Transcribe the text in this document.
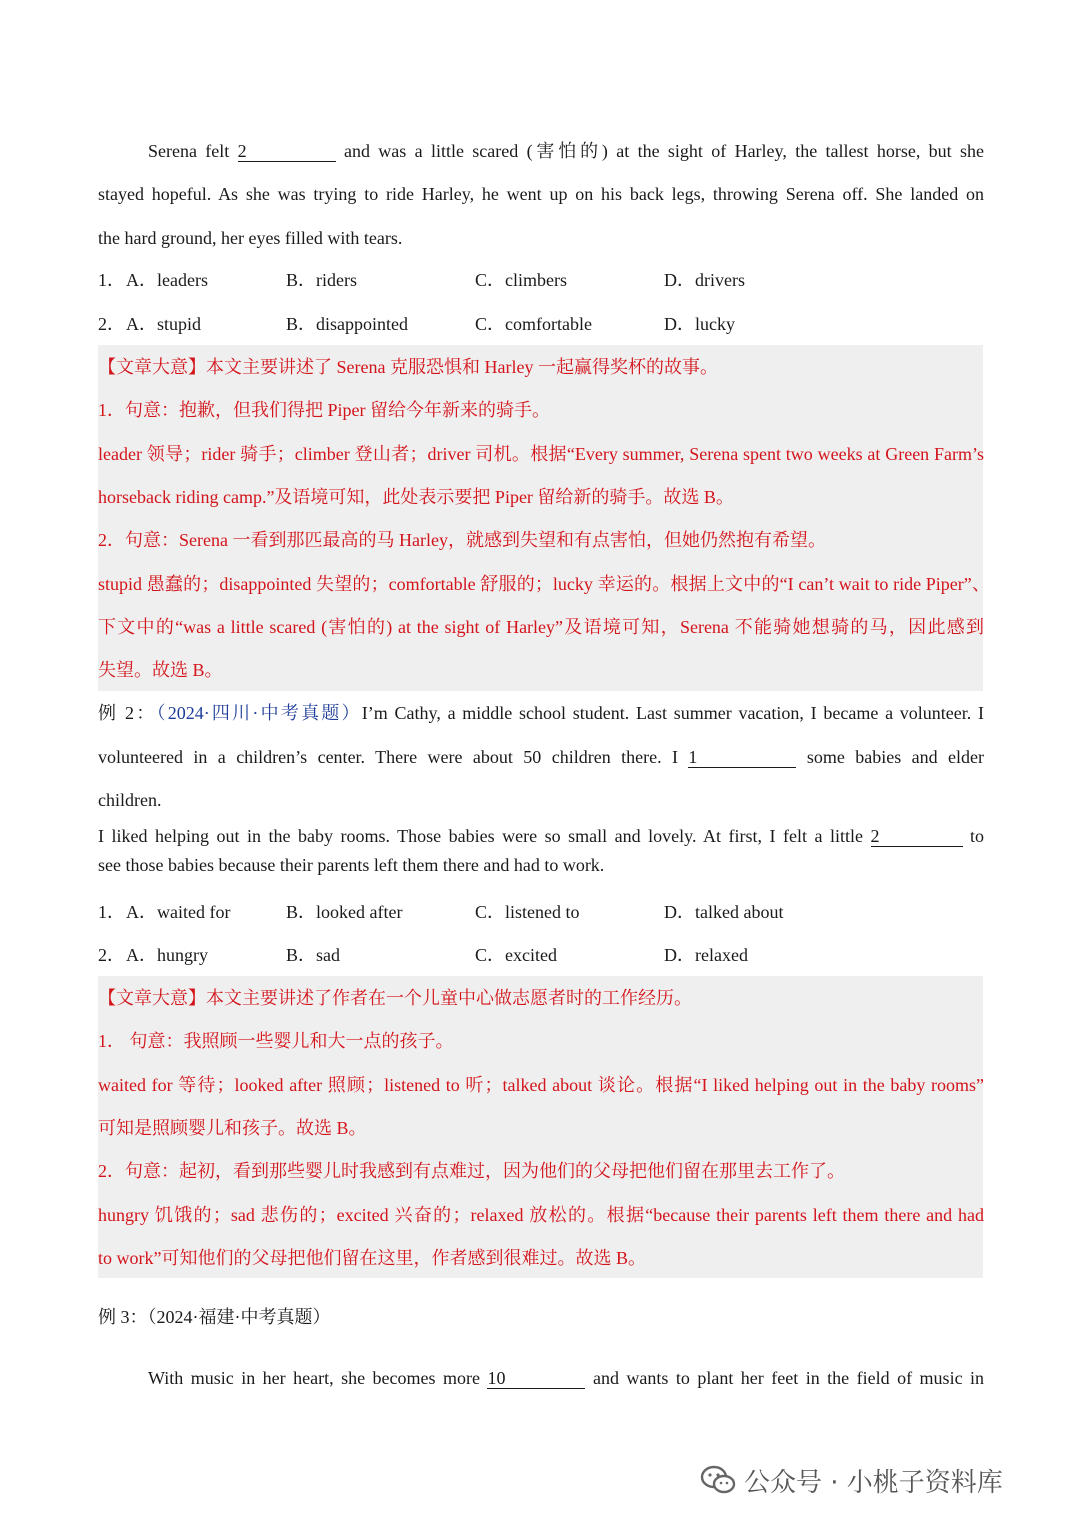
Serena felt 2	and was a little scared (害怕的) at the sight of Harley, the tallest horse, but she
stayed hopeful. As she was trying to ride Harley, he went up on his back legs, throwing Serena off. She landed on
the hard ground, her eyes filled with tears.
1． A．leaders	B．riders	C．climbers	D．drivers
2． A．stupid	B．disappointed	C．comfortable	D．lucky
【文章大意】本文主要讲述了 Serena 克服恐惧和 Harley 一起赢得奖杯的故事。
1．句意：抱歉，但我们得把 Piper 留给今年新来的骑手。
leader 领导；rider 骑手；climber 登山者；driver 司机。根据“Every summer, Serena spent two weeks at Green Farm’s
horseback riding camp.”及语境可知，此处表示要把 Piper 留给新的骑手。故选 B。
2．句意：Serena 一看到那匹最高的马 Harley，就感到失望和有点害怕，但她仍然抱有希望。
stupid 愚蠢的；disappointed 失望的；comfortable 舒服的；lucky 幸运的。根据上文中的“I can’t wait to ride Piper”、
下文中的“was a little scared (害怕的) at the sight of Harley”及语境可知，Serena 不能骑她想骑的马，因此感到
失望。故选 B。
例 2：（2024·四川·中考真题）I’m Cathy, a middle school student. Last summer vacation, I became a volunteer. I
volunteered in a children’s center. There were about 50 children there. I 1	some babies and elder
children.
I liked helping out in the baby rooms. Those babies were so small and lovely. At first, I felt a little 2	to
see those babies because their parents left them there and had to work.
1． A．waited for	B．looked after	C．listened to	D．talked about
2． A．hungry	B．sad	C．excited	D．relaxed
【文章大意】本文主要讲述了作者在一个儿童中心做志愿者时的工作经历。
1． 句意：我照顾一些婴儿和大一点的孩子。
waited for 等待；looked after 照顾；listened to 听；talked about 谈论。根据“I liked helping out in the baby rooms”
可知是照顾婴儿和孩子。故选 B。
2．句意：起初，看到那些婴儿时我感到有点难过，因为他们的父母把他们留在那里去工作了。
hungry 饥饿的；sad 悲伤的；excited 兴奋的；relaxed 放松的。根据“because their parents left them there and had
to work”可知他们的父母把他们留在这里，作者感到很难过。故选 B。
例 3：（2024·福建·中考真题）
With music in her heart, she becomes more 10	and wants to plant her feet in the field of music in
公众号 · 小桃子资料库
